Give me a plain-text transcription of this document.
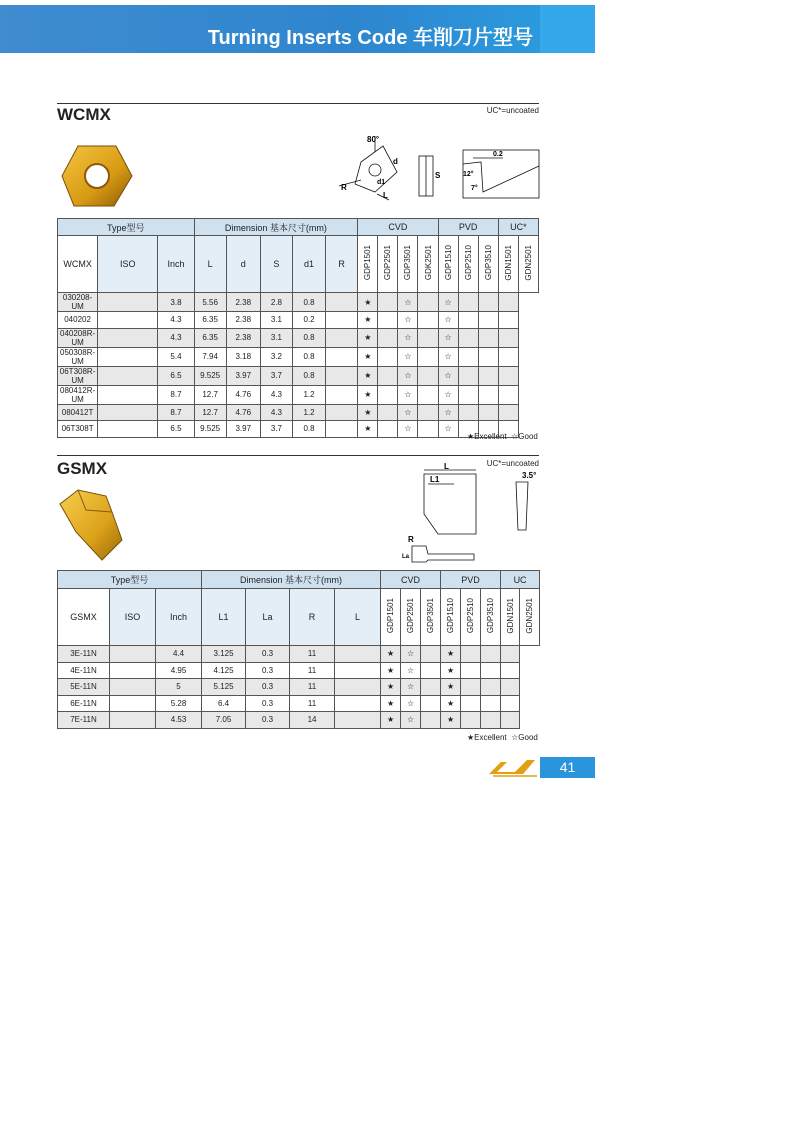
Turning Inserts Code 车削刀片型号
WCMX	UC*=uncoated
80°
d
d1
R
L
S
0.2
12°
7°
Type型号			Dimension 基本尺寸(mm)					CVD				PVD			UC*	
WCMX	ISO	Inch	L	d	S	d1	R	GDP1501	GDP2501	GDP3501	GDK2501	GDP1510	GDP2510	GDP3510	GDN1501	GDN2501
030208-UM		3.8	5.56	2.38	2.8	0.8		★		☆		☆				
040202		4.3	6.35	2.38	3.1	0.2		★		☆		☆				
040208R-UM		4.3	6.35	2.38	3.1	0.8		★		☆		☆				
050308R-UM		5.4	7.94	3.18	3.2	0.8		★		☆		☆				
06T308R-UM		6.5	9.525	3.97	3.7	0.8		★		☆		☆				
080412R-UM		8.7	12.7	4.76	4.3	1.2		★		☆		☆				
080412T		8.7	12.7	4.76	4.3	1.2		★		☆		☆				
06T308T		6.5	9.525	3.97	3.7	0.8		★		☆		☆				
★Excellent ☆Good
GSMX	UC*=uncoated
L
L1	3.5°
R
La
Type型号			Dimension 基本尺寸(mm)				CVD			PVD			UC	
GSMX	ISO	Inch	L1	La	R	L	GDP1501	GDP2501	GDP3501	GDP1510	GDP2510	GDP3510	GDN1501	GDN2501
3E-11N		4.4	3.125	0.3	11		★	☆		★				
4E-11N		4.95	4.125	0.3	11		★	☆		★				
5E-11N		5	5.125	0.3	11		★	☆		★				
6E-11N		5.28	6.4	0.3	11		★	☆		★				
7E-11N		4.53	7.05	0.3	14		★	☆		★				
★Excellent ☆Good
41
